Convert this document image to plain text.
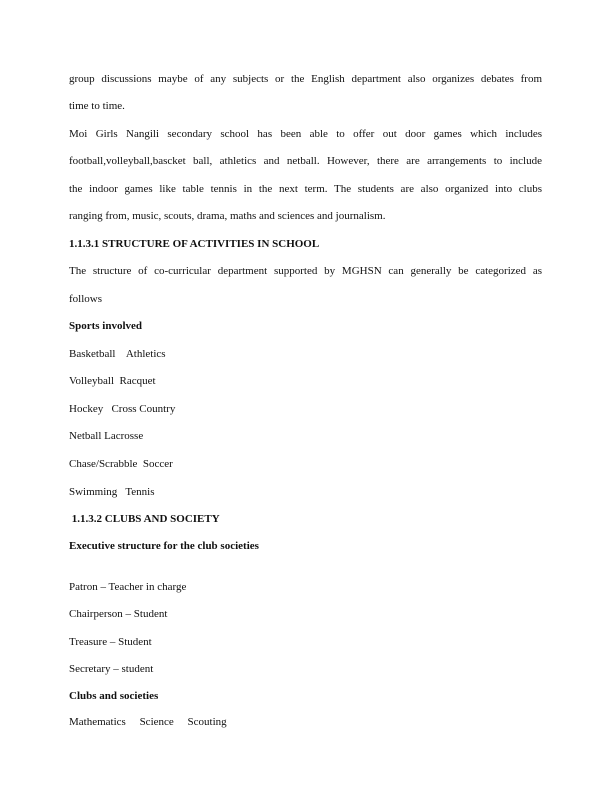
group discussions maybe of any subjects or the English department also organizes debates from
time to time.
Moi Girls Nangili secondary school has been able to offer out door games which includes
football,volleyball,bascket ball, athletics and netball. However, there are arrangements to include
the indoor games like table tennis in the next term. The students are also organized into clubs
ranging from, music, scouts, drama, maths and sciences and journalism.
1.1.3.1 STRUCTURE OF ACTIVITIES IN SCHOOL
The structure of co-curricular department supported by MGHSN can generally be categorized as
follows
Sports involved
Basketball    Athletics
Volleyball  Racquet
Hockey   Cross Country
Netball Lacrosse
Chase/Scrabble  Soccer
Swimming   Tennis
1.1.3.2 CLUBS AND SOCIETY
Executive structure for the club societies
Patron – Teacher in charge
Chairperson – Student
Treasure – Student
Secretary – student
Clubs and societies
Mathematics     Science     Scouting
